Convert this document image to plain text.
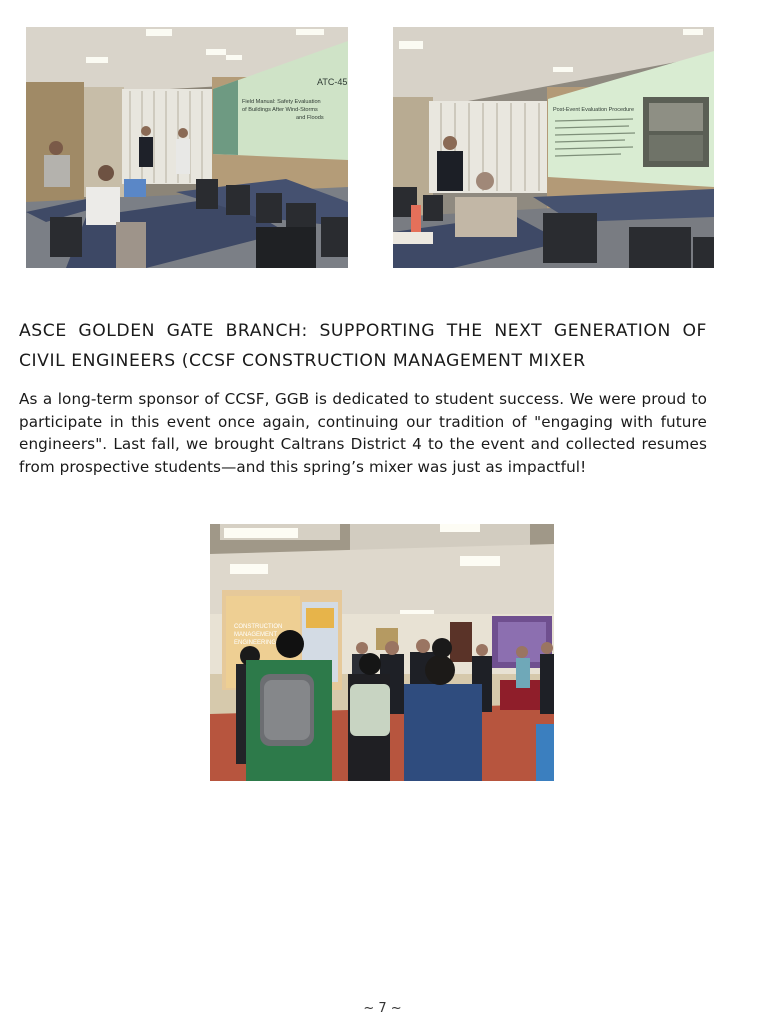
ATC-45
Field Manual: Safety Evaluation
of Buildings After Wind-Storms
and Floods
Post-Event Evaluation Procedure
ASCE GOLDEN GATE BRANCH: SUPPORTING THE NEXT GENERATION OF CIVIL ENGINEERS (CCSF CONSTRUCTION MANAGEMENT MIXER

As a long-term sponsor of CCSF, GGB is dedicated to student success. We were proud to participate in this event once again, continuing our tradition of "engaging with future engineers". Last fall, we brought Caltrans District 4 to the event and collected resumes from prospective students—and this spring’s mixer was just as impactful!

CONSTRUCTION
MANAGEMENT
ENGINEERING
~ 7 ~
